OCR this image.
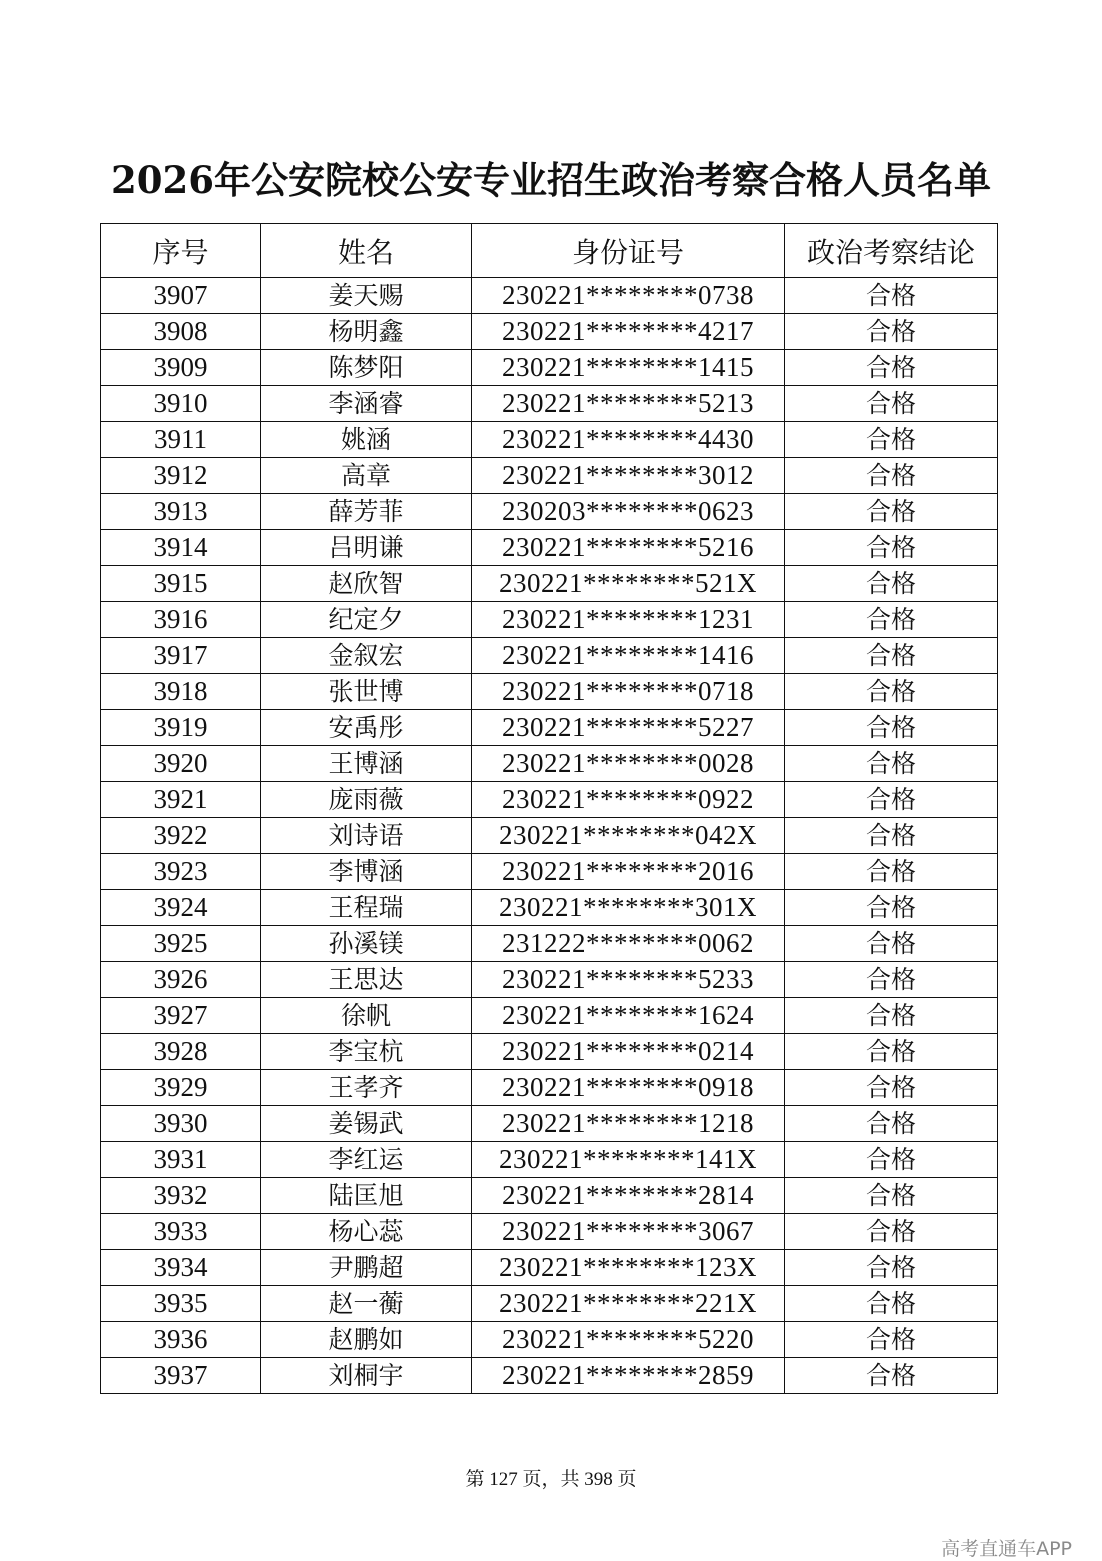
2026年公安院校公安专业招生政治考察合格人员名单
序号	姓名	身份证号	政治考察结论
3907	姜天赐	230221********0738	合格
3908	杨明鑫	230221********4217	合格
3909	陈梦阳	230221********1415	合格
3910	李涵睿	230221********5213	合格
3911	姚涵	230221********4430	合格
3912	高章	230221********3012	合格
3913	薛芳菲	230203********0623	合格
3914	吕明谦	230221********5216	合格
3915	赵欣智	230221********521X	合格
3916	纪定夕	230221********1231	合格
3917	金叙宏	230221********1416	合格
3918	张世博	230221********0718	合格
3919	安禹彤	230221********5227	合格
3920	王博涵	230221********0028	合格
3921	庞雨薇	230221********0922	合格
3922	刘诗语	230221********042X	合格
3923	李博涵	230221********2016	合格
3924	王程瑞	230221********301X	合格
3925	孙溪镁	231222********0062	合格
3926	王思达	230221********5233	合格
3927	徐帆	230221********1624	合格
3928	李宝杭	230221********0214	合格
3929	王孝齐	230221********0918	合格
3930	姜锡武	230221********1218	合格
3931	李红运	230221********141X	合格
3932	陆匡旭	230221********2814	合格
3933	杨心蕊	230221********3067	合格
3934	尹鹏超	230221********123X	合格
3935	赵一蘅	230221********221X	合格
3936	赵鹏如	230221********5220	合格
3937	刘桐宇	230221********2859	合格
第 127 页，共 398 页
高考直通车APP
